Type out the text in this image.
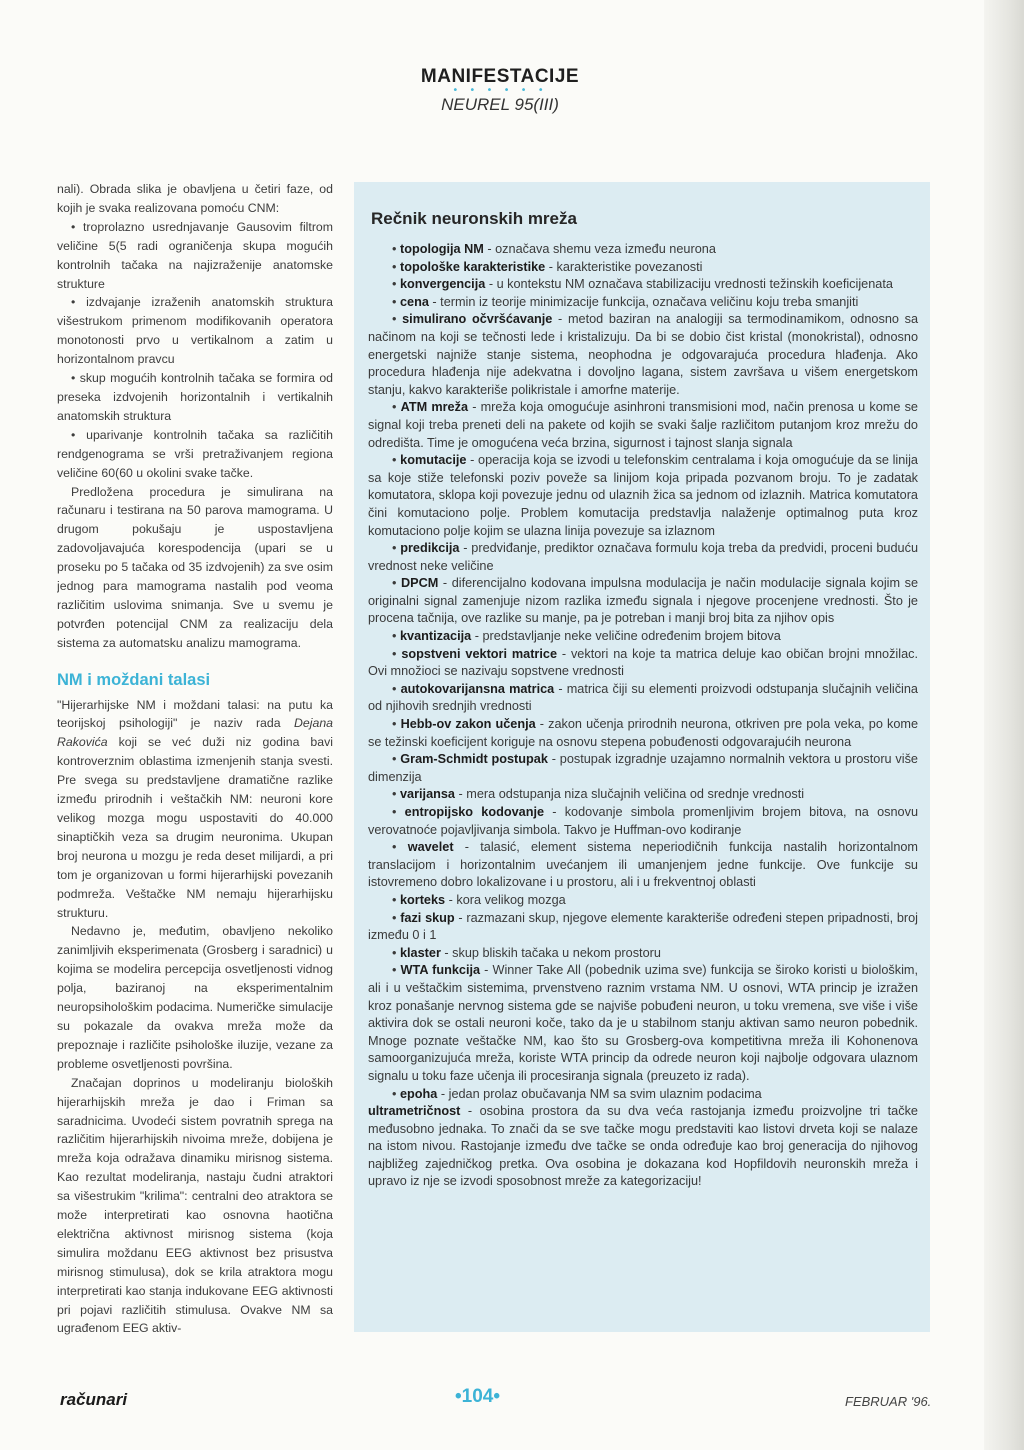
MANIFESTACIJE
• • • • • •
NEUREL 95(III)

nali). Obrada slika je obavljena u četiri faze, od kojih je svaka realizovana pomoću CNM:

• troprolazno usrednjavanje Gausovim filtrom veličine 5(5 radi ograničenja skupa mogućih kontrolnih tačaka na najizraženije anatomske strukture

• izdvajanje izraženih anatomskih struktura višestrukom primenom modifikovanih operatora monotonosti prvo u vertikalnom a zatim u horizontalnom pravcu

• skup mogućih kontrolnih tačaka se formira od preseka izdvojenih horizontalnih i vertikalnih anatomskih struktura

• uparivanje kontrolnih tačaka sa različitih rendgenograma se vrši pretraživanjem regiona veličine 60(60 u okolini svake tačke.

Predložena procedura je simulirana na računaru i testirana na 50 parova mamograma. U drugom pokušaju je uspostavljena zadovoljavajuća korespodencija (upari se u proseku po 5 tačaka od 35 izdvojenih) za sve osim jednog para mamograma nastalih pod veoma različitim uslovima snimanja. Sve u svemu je potvrđen potencijal CNM za realizaciju dela sistema za automatsku analizu mamograma.

NM i moždani talasi

"Hijerarhijske NM i moždani talasi: na putu ka teorijskoj psihologiji" je naziv rada Dejana Rakovića koji se već duži niz godina bavi kontroverznim oblastima izmenjenih stanja svesti. Pre svega su predstavljene dramatične razlike između prirodnih i veštačkih NM: neuroni kore velikog mozga mogu uspostaviti do 40.000 sinaptičkih veza sa drugim neuronima. Ukupan broj neurona u mozgu je reda deset milijardi, a pri tom je organizovan u formi hijerarhijski povezanih podmreža. Veštačke NM nemaju hijerarhijsku strukturu.

Nedavno je, međutim, obavljeno nekoliko zanimljivih eksperimenata (Grosberg i saradnici) u kojima se modelira percepcija osvetljenosti vidnog polja, baziranoj na eksperimentalnim neuropsihološkim podacima. Numeričke simulacije su pokazale da ovakva mreža može da prepoznaje i različite psihološke iluzije, vezane za probleme osvetljenosti površina.

Značajan doprinos u modeliranju bioloških hijerarhijskih mreža je dao i Friman sa saradnicima. Uvodeći sistem povratnih sprega na različitim hijerarhijskih nivoima mreže, dobijena je mreža koja odražava dinamiku mirisnog sistema. Kao rezultat modeliranja, nastaju čudni atraktori sa višestrukim "krilima": centralni deo atraktora se može interpretirati kao osnovna haotična električna aktivnost mirisnog sistema (koja simulira moždanu EEG aktivnost bez prisustva mirisnog stimulusa), dok se krila atraktora mogu interpretirati kao stanja indukovane EEG aktivnosti pri pojavi različitih stimulusa. Ovakve NM sa ugrađenom EEG aktiv-

Rečnik neuronskih mreža

• topologija NM - označava shemu veza između neurona

• topološke karakteristike - karakteristike povezanosti

• konvergencija - u kontekstu NM označava stabilizaciju vrednosti težinskih koeficijenata

• cena - termin iz teorije minimizacije funkcija, označava veličinu koju treba smanjiti

• simulirano očvršćavanje - metod baziran na analogiji sa termodinamikom, odnosno sa načinom na koji se tečnosti lede i kristalizuju. Da bi se dobio čist kristal (monokristal), odnosno energetski najniže stanje sistema, neophodna je odgovarajuća procedura hlađenja. Ako procedura hlađenja nije adekvatna i dovoljno lagana, sistem završava u višem energetskom stanju, kakvo karakteriše polikristale i amorfne materije.

• ATM mreža - mreža koja omogućuje asinhroni transmisioni mod, način prenosa u kome se signal koji treba preneti deli na pakete od kojih se svaki šalje različitom putanjom kroz mrežu do odredišta. Time je omogućena veća brzina, sigurnost i tajnost slanja signala

• komutacije - operacija koja se izvodi u telefonskim centralama i koja omogućuje da se linija sa koje stiže telefonski poziv poveže sa linijom koja pripada pozvanom broju. To je zadatak komutatora, sklopa koji povezuje jednu od ulaznih žica sa jednom od izlaznih. Matrica komutatora čini komutaciono polje. Problem komutacija predstavlja nalaženje optimalnog puta kroz komutaciono polje kojim se ulazna linija povezuje sa izlaznom

• predikcija - predviđanje, prediktor označava formulu koja treba da predvidi, procenі buduću vrednost neke veličine

• DPCM - diferencijalno kodovana impulsna modulacija je način modulacije signala kojim se originalni signal zamenjuje nizom razlika između signala i njegove procenjene vrednosti. Što je procena tačnija, ove razlike su manje, pa je potreban i manji broj bita za njihov opis

• kvantizacija - predstavljanje neke veličine određenim brojem bitova

• sopstveni vektori matrice - vektori na koje ta matrica deluje kao običan brojni množilac. Ovi množioci se nazivaju sopstvene vrednosti

• autokovarijansna matrica - matrica čiji su elementi proizvodi odstupanja slučajnih veličina od njihovih srednjih vrednosti

• Hebb-ov zakon učenja - zakon učenja prirodnih neurona, otkriven pre pola veka, po kome se težinski koeficijent koriguje na osnovu stepena pobuđenosti odgovarajućih neurona

• Gram-Schmidt postupak - postupak izgradnje uzajamno normalnih vektora u prostoru više dimenzija

• varijansa - mera odstupanja niza slučajnih veličina od srednje vrednosti

• entropijsko kodovanje - kodovanje simbola promenljivim brojem bitova, na osnovu verovatnoće pojavljivanja simbola. Takvo je Huffman-ovo kodiranje

• wavelet - talasić, element sistema neperiodičnih funkcija nastalih horizontalnom translacijom i horizontalnim uvećanjem ili umanjenjem jedne funkcije. Ove funkcije su istovremeno dobro lokalizovane i u prostoru, ali i u frekventnoj oblasti

• korteks - kora velikog mozga

• fazi skup - razmazani skup, njegove elemente karakteriše određeni stepen pripadnosti, broj između 0 i 1

• klaster - skup bliskih tačaka u nekom prostoru

• WTA funkcija - Winner Take All (pobednik uzima sve) funkcija se široko koristi u biološkim, ali i u veštačkim sistemima, prvenstveno raznim vrstama NM. U osnovi, WTA princip je izražen kroz ponašanje nervnog sistema gde se najviše pobuđeni neuron, u toku vremena, sve više i više aktivira dok se ostali neuroni koče, tako da je u stabilnom stanju aktivan samo neuron pobednik. Mnoge poznate veštačke NM, kao što su Grosberg-ova kompetitivna mreža ili Kohonenova samoorganizujuća mreža, koriste WTA princip da odrede neuron koji najbolje odgovara ulaznom signalu u toku faze učenja ili procesiranja signala (preuzeto iz rada).

• epoha - jedan prolaz obučavanja NM sa svim ulaznim podacima

ultrametričnost - osobina prostora da su dva veća rastojanja između proizvoljne tri tačke međusobno jednaka. To znači da se sve tačke mogu predstaviti kao listovi drveta koji se nalaze na istom nivou. Rastojanje između dve tačke se onda određuje kao broj generacija do njihovog najbližeg zajedničkog pretka. Ova osobina je dokazana kod Hopfildovih neuronskih mreža i upravo iz nje se izvodi sposobnost mreže za kategorizaciju!

računari	•104•	FEBRUAR '96.
